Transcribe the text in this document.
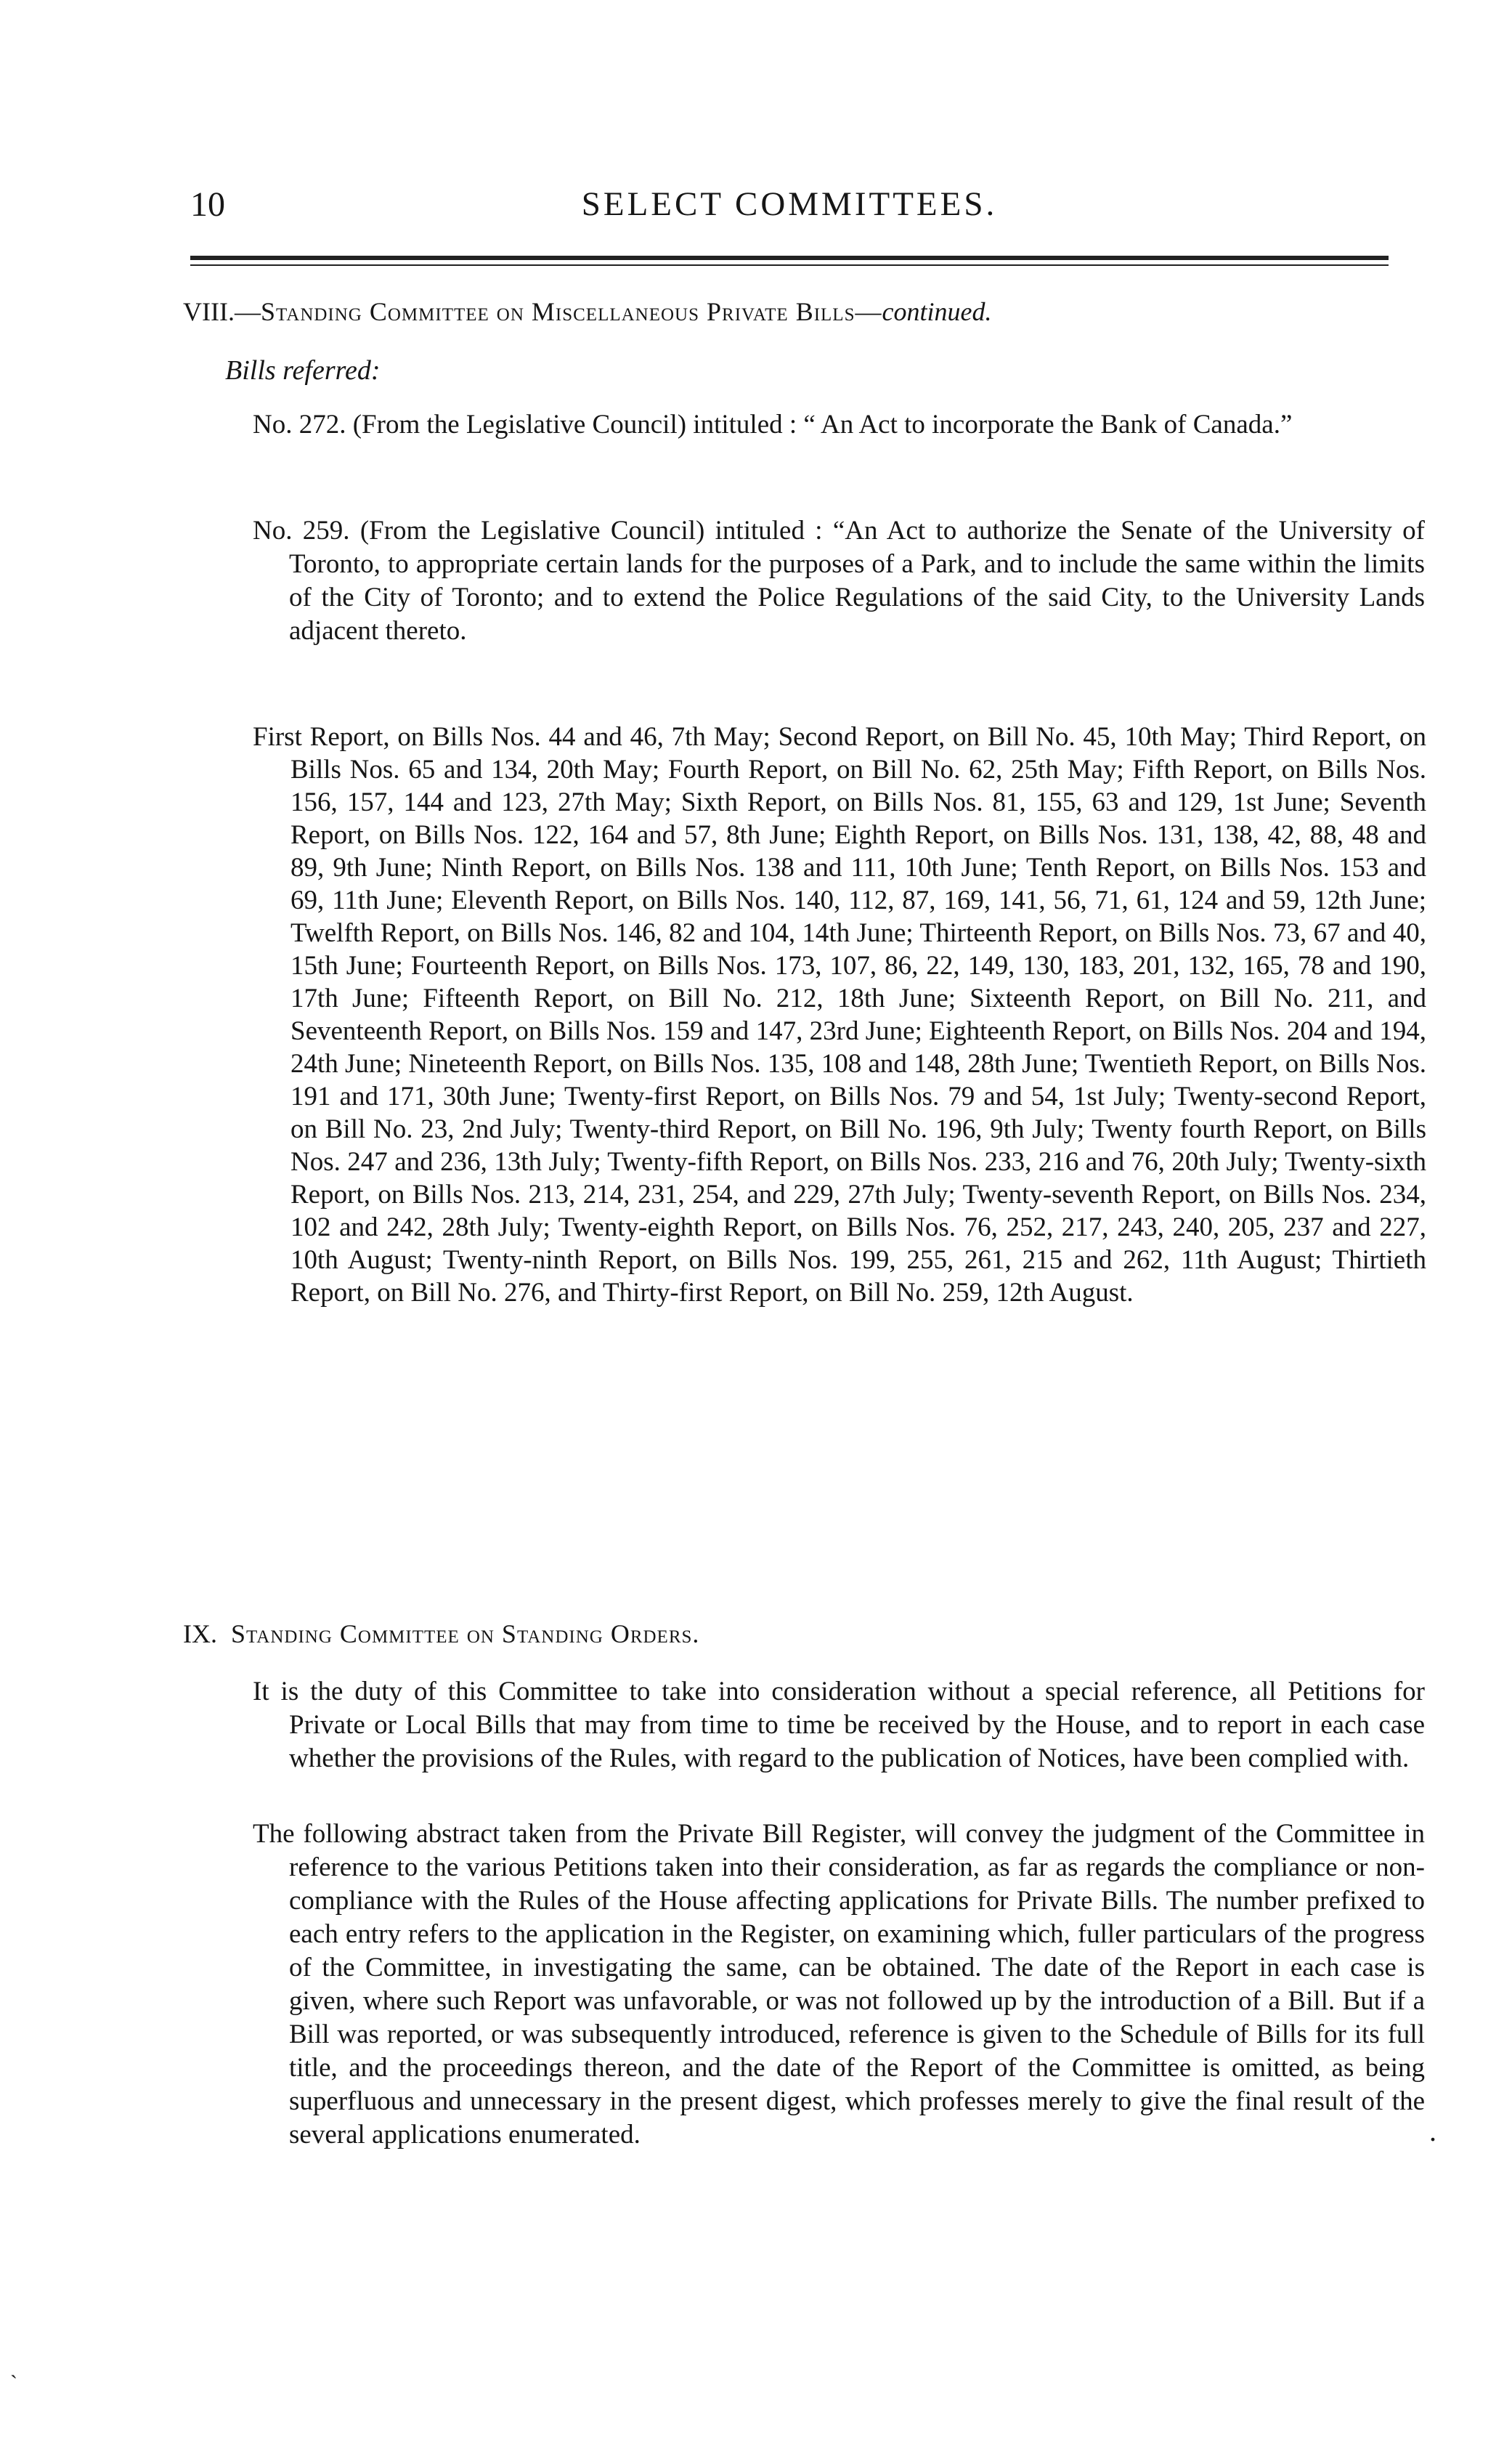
10	SELECT COMMITTEES.
VIII.—Standing Committee on Miscellaneous Private Bills—continued.
Bills referred:

No. 272. (From the Legislative Council) intituled : “ An Act to incorporate the Bank of Canada.”

No. 259. (From the Legislative Council) intituled : “An Act to authorize the Senate of the University of Toronto, to appropriate certain lands for the purposes of a Park, and to include the same within the limits of the City of Toronto; and to extend the Police Regulations of the said City, to the University Lands adjacent thereto.

First Report, on Bills Nos. 44 and 46, 7th May; Second Report, on Bill No. 45, 10th May; Third Report, on Bills Nos. 65 and 134, 20th May; Fourth Report, on Bill No. 62, 25th May; Fifth Report, on Bills Nos. 156, 157, 144 and 123, 27th May; Sixth Report, on Bills Nos. 81, 155, 63 and 129, 1st June; Seventh Report, on Bills Nos. 122, 164 and 57, 8th June; Eighth Report, on Bills Nos. 131, 138, 42, 88, 48 and 89, 9th June; Ninth Report, on Bills Nos. 138 and 111, 10th June; Tenth Report, on Bills Nos. 153 and 69, 11th June; Eleventh Report, on Bills Nos. 140, 112, 87, 169, 141, 56, 71, 61, 124 and 59, 12th June; Twelfth Report, on Bills Nos. 146, 82 and 104, 14th June; Thirteenth Report, on Bills Nos. 73, 67 and 40, 15th June; Fourteenth Report, on Bills Nos. 173, 107, 86, 22, 149, 130, 183, 201, 132, 165, 78 and 190, 17th June; Fifteenth Report, on Bill No. 212, 18th June; Sixteenth Report, on Bill No. 211, and Seventeenth Report, on Bills Nos. 159 and 147, 23rd June; Eighteenth Report, on Bills Nos. 204 and 194, 24th June; Nineteenth Report, on Bills Nos. 135, 108 and 148, 28th June; Twentieth Report, on Bills Nos. 191 and 171, 30th June; Twenty-first Report, on Bills Nos. 79 and 54, 1st July; Twenty-second Report, on Bill No. 23, 2nd July; Twenty-third Report, on Bill No. 196, 9th July; Twenty fourth Report, on Bills Nos. 247 and 236, 13th July; Twenty-fifth Report, on Bills Nos. 233, 216 and 76, 20th July; Twenty-sixth Report, on Bills Nos. 213, 214, 231, 254, and 229, 27th July; Twenty-seventh Report, on Bills Nos. 234, 102 and 242, 28th July; Twenty-eighth Report, on Bills Nos. 76, 252, 217, 243, 240, 205, 237 and 227, 10th August; Twenty-ninth Report, on Bills Nos. 199, 255, 261, 215 and 262, 11th August; Thirtieth Report, on Bill No. 276, and Thirty-first Report, on Bill No. 259, 12th August.

IX. Standing Committee on Standing Orders.

It is the duty of this Committee to take into consideration without a special reference, all Petitions for Private or Local Bills that may from time to time be received by the House, and to report in each case whether the provisions of the Rules, with regard to the publication of Notices, have been complied with.

The following abstract taken from the Private Bill Register, will convey the judgment of the Committee in reference to the various Petitions taken into their consideration, as far as regards the compliance or non-compliance with the Rules of the House affecting applications for Private Bills. The number prefixed to each entry refers to the application in the Register, on examining which, fuller particulars of the progress of the Committee, in investigating the same, can be obtained. The date of the Report in each case is given, where such Report was unfavorable, or was not followed up by the introduction of a Bill. But if a Bill was reported, or was subsequently introduced, reference is given to the Schedule of Bills for its full title, and the proceedings thereon, and the date of the Report of the Committee is omitted, as being superfluous and unnecessary in the present digest, which professes merely to give the final result of the several applications enumerated.	.
`
